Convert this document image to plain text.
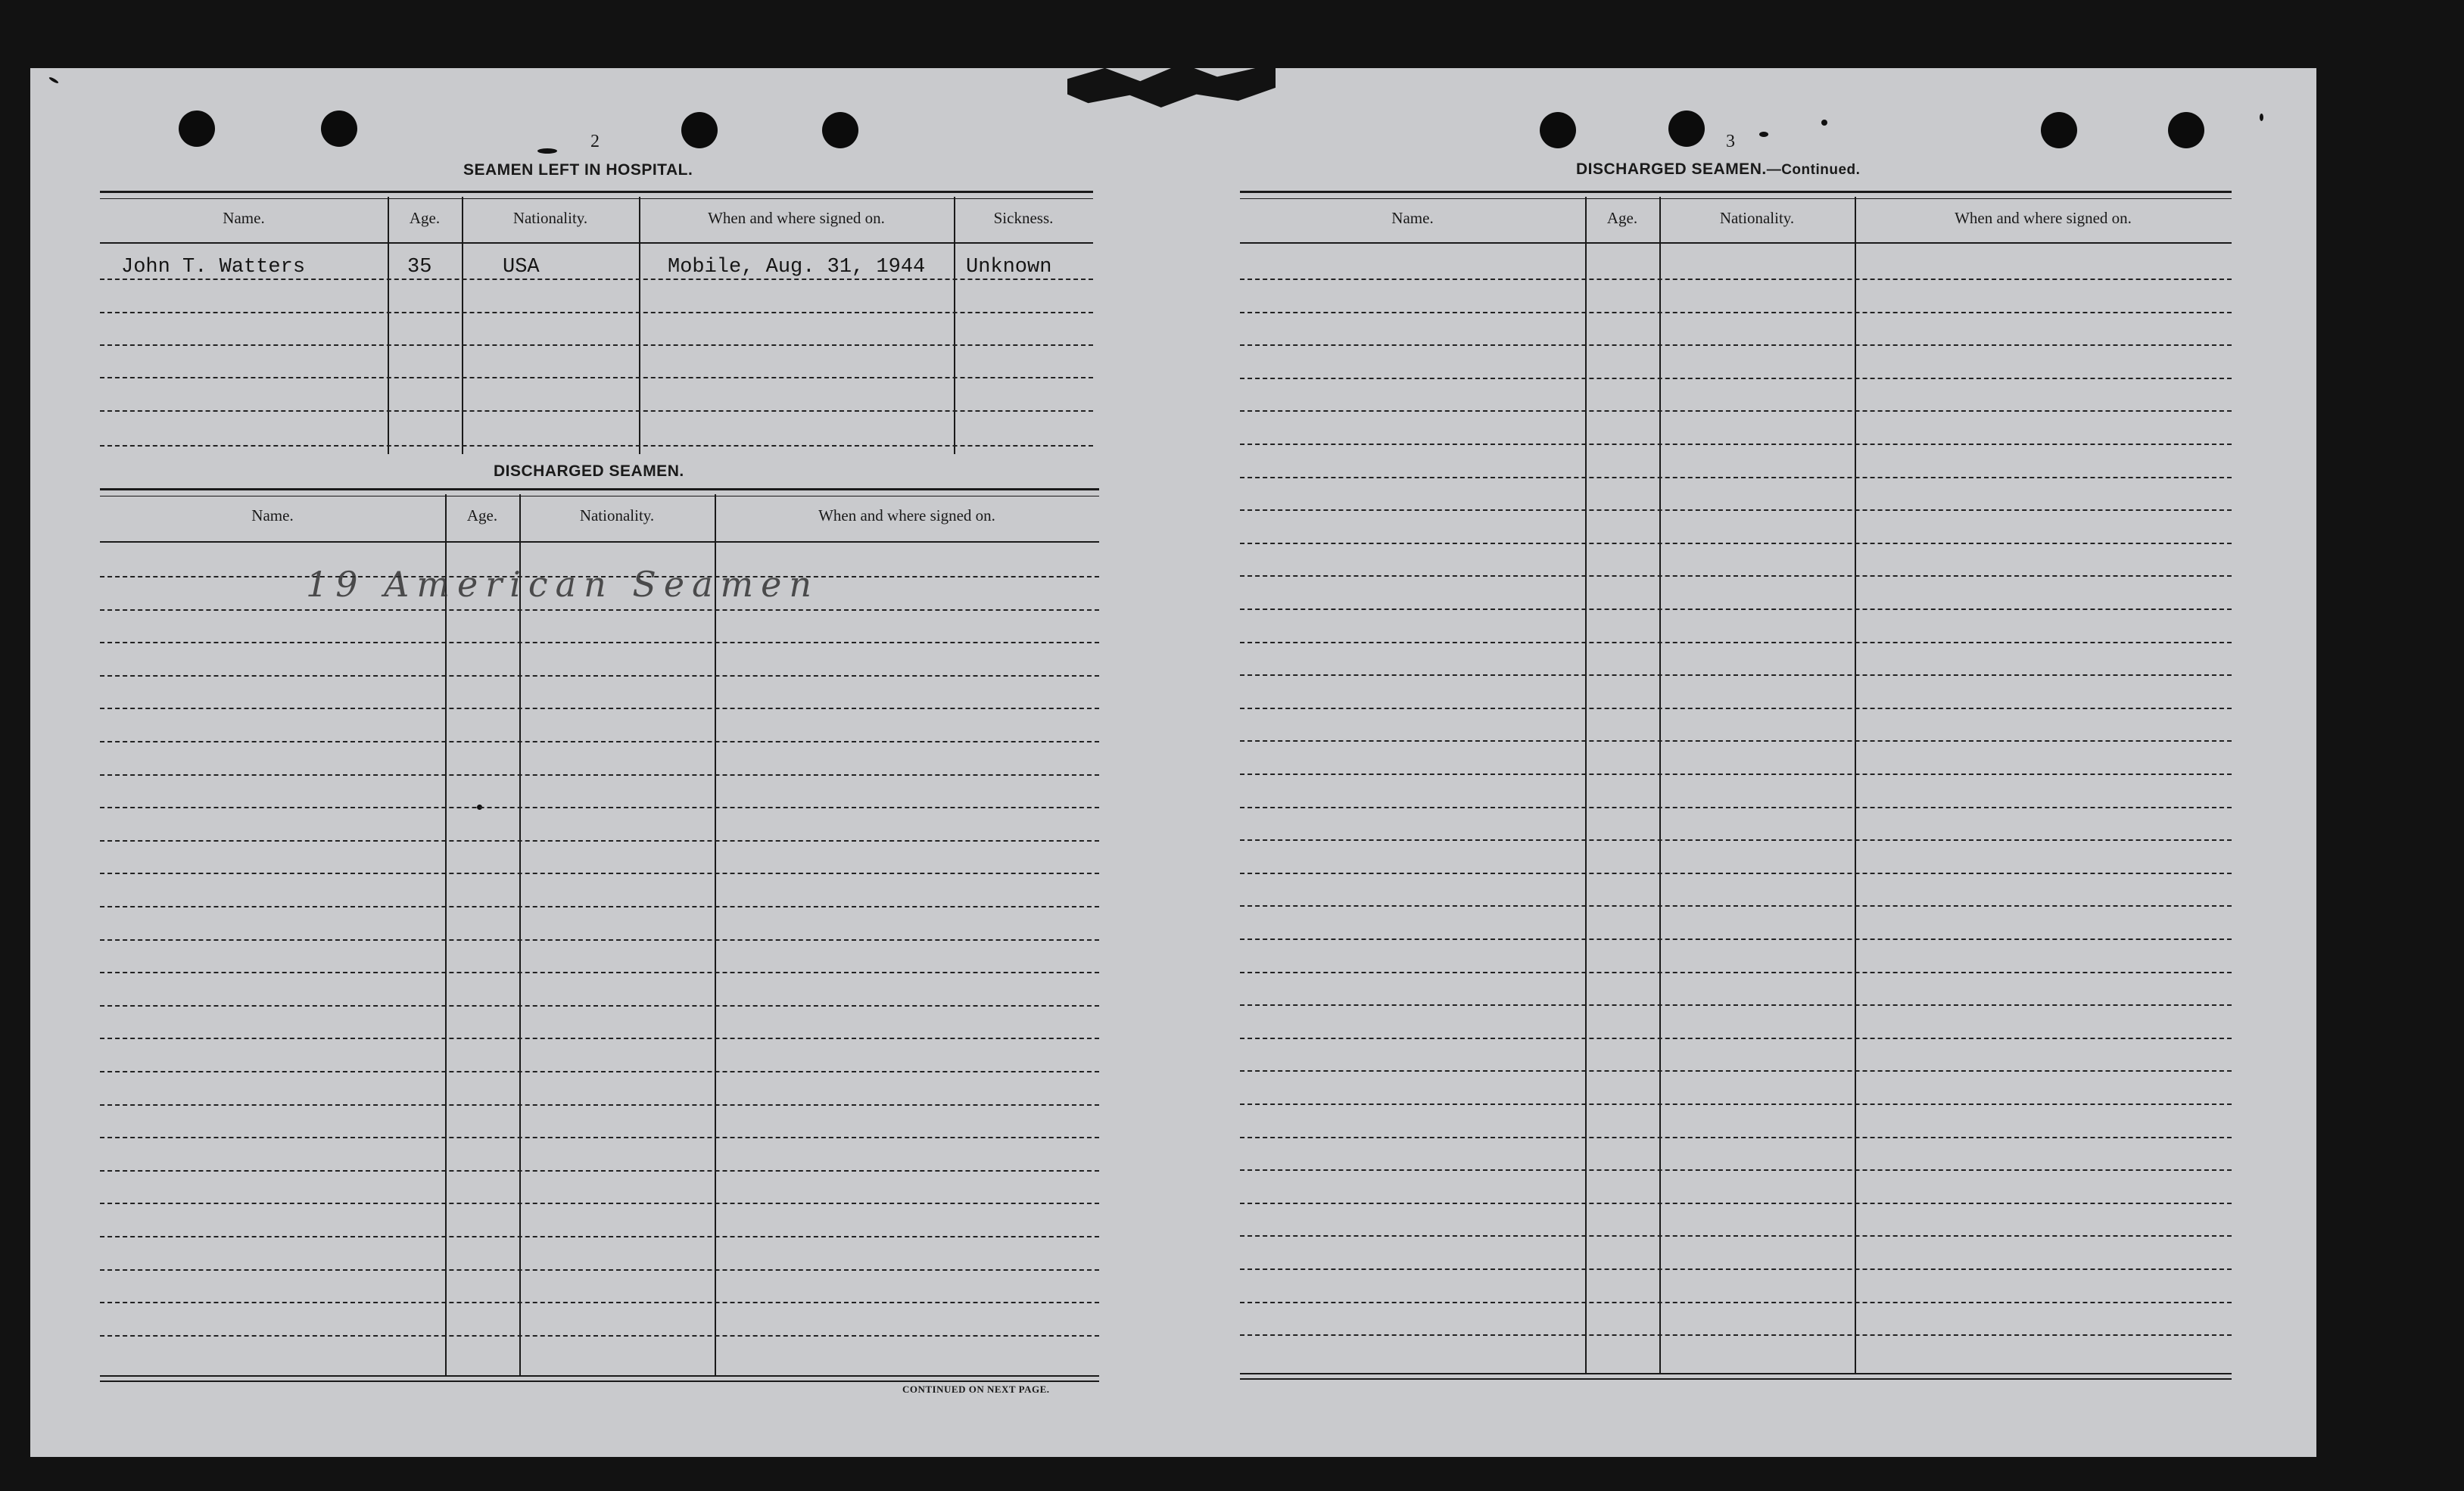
2
SEAMEN LEFT IN HOSPITAL.
Name.	Age.	Nationality.	When and where signed on.	Sickness.
John T. Watters	35	USA	Mobile, Aug. 31, 1944 Unknown
DISCHARGED SEAMEN.
Name.	Age.	Nationality.	When and where signed on.
19 American Seamen
CONTINUED ON NEXT PAGE.
3
DISCHARGED SEAMEN.—Continued.
Name.	Age.	Nationality.	When and where signed on.
